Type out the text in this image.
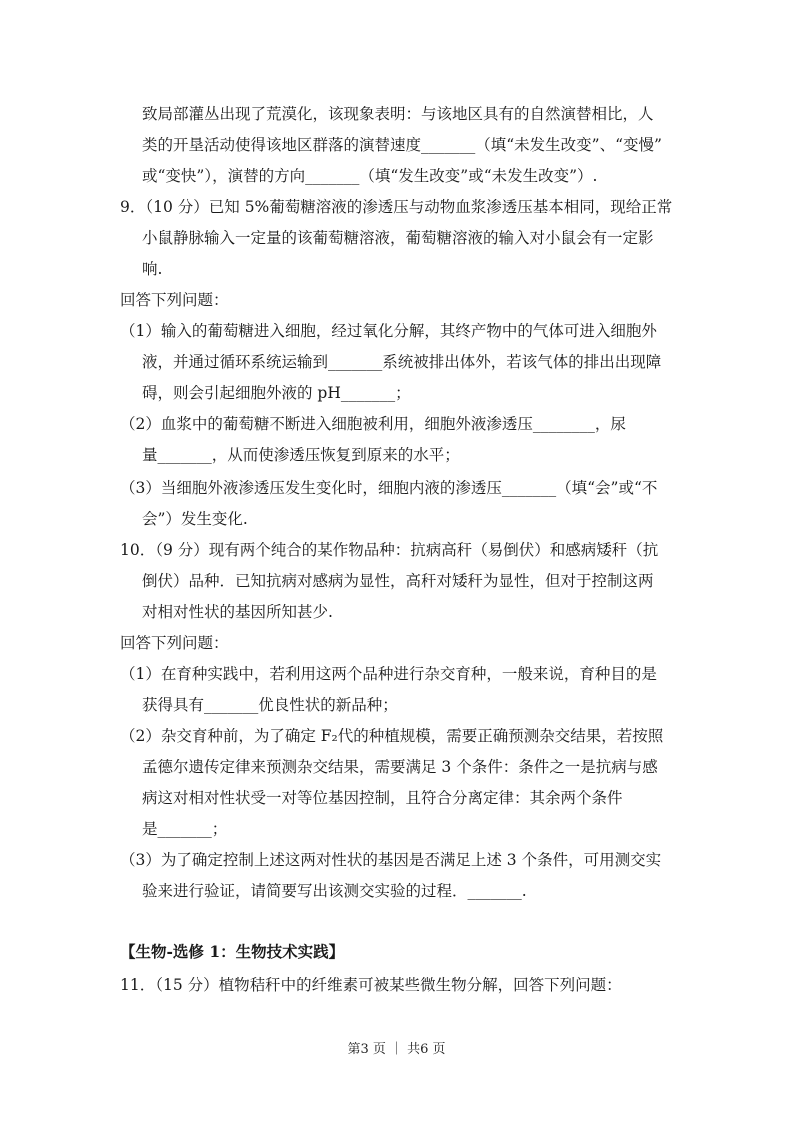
致局部灌丛出现了荒漠化，该现象表明：与该地区具有的自然演替相比，人
类的开垦活动使得该地区群落的演替速度_______（填“未发生改变”、“变慢”
或“变快”），演替的方向_______（填“发生改变”或“未发生改变”）.
9．（10 分）已知 5%葡萄糖溶液的渗透压与动物血浆渗透压基本相同，现给正常
小鼠静脉输入一定量的该葡萄糖溶液，葡萄糖溶液的输入对小鼠会有一定影
响.
回答下列问题：
（1）输入的葡萄糖进入细胞，经过氧化分解，其终产物中的气体可进入细胞外
液，并通过循环系统运输到_______系统被排出体外，若该气体的排出出现障
碍，则会引起细胞外液的 pH_______；
（2）血浆中的葡萄糖不断进入细胞被利用，细胞外液渗透压________，尿
量_______，从而使渗透压恢复到原来的水平；
（3）当细胞外液渗透压发生变化时，细胞内液的渗透压_______（填“会”或“不
会”）发生变化.
10．（9 分）现有两个纯合的某作物品种：抗病高秆（易倒伏）和感病矮秆（抗
倒伏）品种．已知抗病对感病为显性，高秆对矮秆为显性，但对于控制这两
对相对性状的基因所知甚少.
回答下列问题：
（1）在育种实践中，若利用这两个品种进行杂交育种，一般来说，育种目的是
获得具有_______优良性状的新品种；
（2）杂交育种前，为了确定 F₂代的种植规模，需要正确预测杂交结果，若按照
孟德尔遗传定律来预测杂交结果，需要满足 3 个条件：条件之一是抗病与感
病这对相对性状受一对等位基因控制，且符合分离定律：其余两个条件
是_______；
（3）为了确定控制上述这两对性状的基因是否满足上述 3 个条件，可用测交实
验来进行验证，请简要写出该测交实验的过程．_______.
【生物-选修 1：生物技术实践】
11．（15 分）植物秸秆中的纤维素可被某些微生物分解，回答下列问题：
第3 页 ｜ 共6 页
